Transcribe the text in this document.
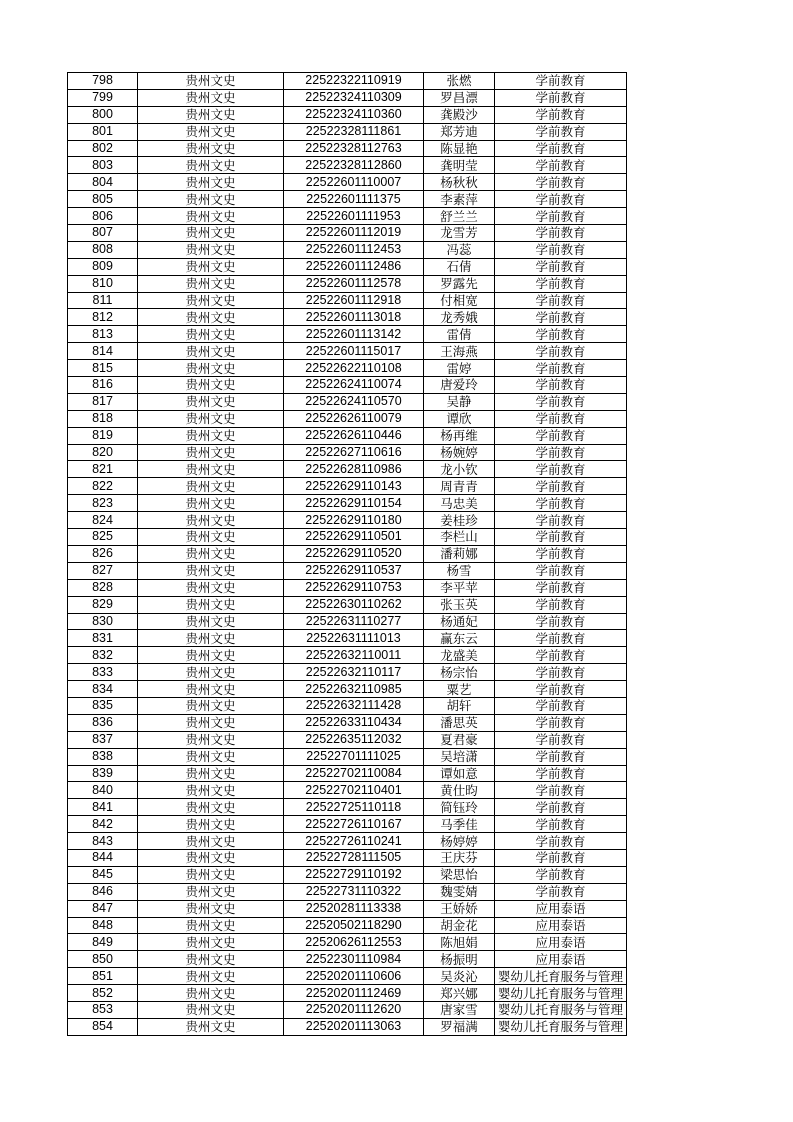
798	贵州文史	22522322110919	张燃	学前教育
799	贵州文史	22522324110309	罗昌漂	学前教育
800	贵州文史	22522324110360	龚殿沙	学前教育
801	贵州文史	22522328111861	郑芳迪	学前教育
802	贵州文史	22522328112763	陈显艳	学前教育
803	贵州文史	22522328112860	龚明莹	学前教育
804	贵州文史	22522601110007	杨秋秋	学前教育
805	贵州文史	22522601111375	李素萍	学前教育
806	贵州文史	22522601111953	舒兰兰	学前教育
807	贵州文史	22522601112019	龙雪芳	学前教育
808	贵州文史	22522601112453	冯蕊	学前教育
809	贵州文史	22522601112486	石倩	学前教育
810	贵州文史	22522601112578	罗露先	学前教育
811	贵州文史	22522601112918	付相宽	学前教育
812	贵州文史	22522601113018	龙秀娥	学前教育
813	贵州文史	22522601113142	雷倩	学前教育
814	贵州文史	22522601115017	王海燕	学前教育
815	贵州文史	22522622110108	雷婷	学前教育
816	贵州文史	22522624110074	唐爱玲	学前教育
817	贵州文史	22522624110570	吴静	学前教育
818	贵州文史	22522626110079	谭欣	学前教育
819	贵州文史	22522626110446	杨再维	学前教育
820	贵州文史	22522627110616	杨婉婷	学前教育
821	贵州文史	22522628110986	龙小钦	学前教育
822	贵州文史	22522629110143	周青青	学前教育
823	贵州文史	22522629110154	马忠美	学前教育
824	贵州文史	22522629110180	姜桂珍	学前教育
825	贵州文史	22522629110501	李栏山	学前教育
826	贵州文史	22522629110520	潘莉娜	学前教育
827	贵州文史	22522629110537	杨雪	学前教育
828	贵州文史	22522629110753	李平苹	学前教育
829	贵州文史	22522630110262	张玉英	学前教育
830	贵州文史	22522631110277	杨通妃	学前教育
831	贵州文史	22522631111013	赢东云	学前教育
832	贵州文史	22522632110011	龙盛美	学前教育
833	贵州文史	22522632110117	杨宗怡	学前教育
834	贵州文史	22522632110985	粟艺	学前教育
835	贵州文史	22522632111428	胡轩	学前教育
836	贵州文史	22522633110434	潘思英	学前教育
837	贵州文史	22522635112032	夏君豪	学前教育
838	贵州文史	22522701111025	吴培潇	学前教育
839	贵州文史	22522702110084	谭如意	学前教育
840	贵州文史	22522702110401	黄仕昀	学前教育
841	贵州文史	22522725110118	简钰玲	学前教育
842	贵州文史	22522726110167	马季佳	学前教育
843	贵州文史	22522726110241	杨婷婷	学前教育
844	贵州文史	22522728111505	王庆芬	学前教育
845	贵州文史	22522729110192	梁思怡	学前教育
846	贵州文史	22522731110322	魏雯婧	学前教育
847	贵州文史	22520281113338	王娇娇	应用泰语
848	贵州文史	22520502118290	胡金花	应用泰语
849	贵州文史	22520626112553	陈旭娟	应用泰语
850	贵州文史	22522301110984	杨振明	应用泰语
851	贵州文史	22520201110606	吴炎沁	婴幼儿托育服务与管理
852	贵州文史	22520201112469	郑兴娜	婴幼儿托育服务与管理
853	贵州文史	22520201112620	唐家雪	婴幼儿托育服务与管理
854	贵州文史	22520201113063	罗福满	婴幼儿托育服务与管理
